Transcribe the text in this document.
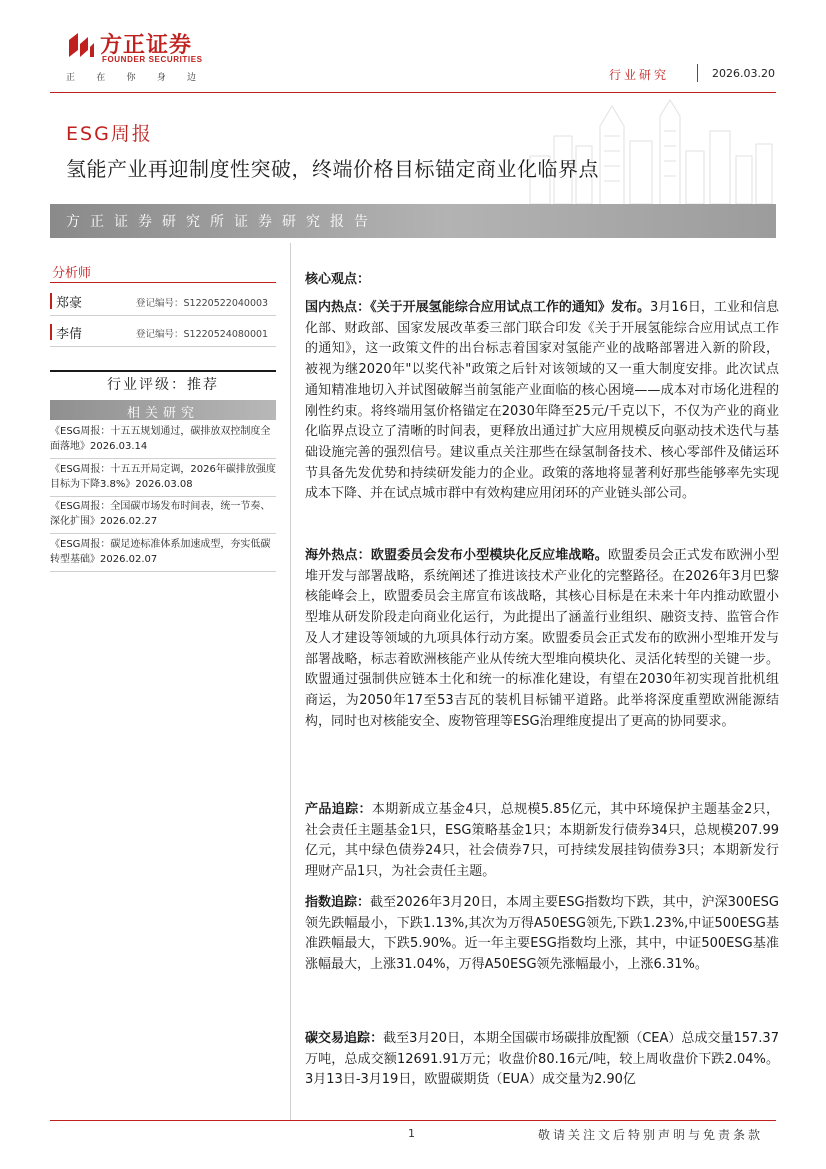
方正证券
FOUNDER SECURITIES
正 在 你 身 边	行业研究	2026.03.20
ESG周报
氢能产业再迎制度性突破，终端价格目标锚定商业化临界点
方正证券研究所证券研究报告
分析师
郑豪	登记编号：S1220522040003
李倩	登记编号：S1220524080001
行业评级：推荐
相关研究
《ESG周报：十五五规划通过，碳排放双控制度全面落地》2026.03.14
《ESG周报：十五五开局定调，2026年碳排放强度目标为下降3.8%》2026.03.08
《ESG周报：全国碳市场发布时间表，统一节奏、深化扩围》2026.02.27
《ESG周报：碳足迹标准体系加速成型，夯实低碳转型基础》2026.02.07
核心观点：
国内热点：《关于开展氢能综合应用试点工作的通知》发布。3月16日，工业和信息化部、财政部、国家发展改革委三部门联合印发《关于开展氢能综合应用试点工作的通知》，这一政策文件的出台标志着国家对氢能产业的战略部署进入新的阶段，被视为继2020年"以奖代补"政策之后针对该领域的又一重大制度安排。此次试点通知精准地切入并试图破解当前氢能产业面临的核心困境——成本对市场化进程的刚性约束。将终端用氢价格锚定在2030年降至25元/千克以下，不仅为产业的商业化临界点设立了清晰的时间表，更释放出通过扩大应用规模反向驱动技术迭代与基础设施完善的强烈信号。建议重点关注那些在绿氢制备技术、核心零部件及储运环节具备先发优势和持续研发能力的企业。政策的落地将显著利好那些能够率先实现成本下降、并在试点城市群中有效构建应用闭环的产业链头部公司。
海外热点：欧盟委员会发布小型模块化反应堆战略。欧盟委员会正式发布欧洲小型堆开发与部署战略，系统阐述了推进该技术产业化的完整路径。在2026年3月巴黎核能峰会上，欧盟委员会主席宣布该战略，其核心目标是在未来十年内推动欧盟小型堆从研发阶段走向商业化运行，为此提出了涵盖行业组织、融资支持、监管合作及人才建设等领域的九项具体行动方案。欧盟委员会正式发布的欧洲小型堆开发与部署战略，标志着欧洲核能产业从传统大型堆向模块化、灵活化转型的关键一步。欧盟通过强制供应链本土化和统一的标准化建设，有望在2030年初实现首批机组商运，为2050年17至53吉瓦的装机目标铺平道路。此举将深度重塑欧洲能源结构，同时也对核能安全、废物管理等ESG治理维度提出了更高的协同要求。
产品追踪：本期新成立基金4只，总规模5.85亿元，其中环境保护主题基金2只，社会责任主题基金1只，ESG策略基金1只；本期新发行债券34只，总规模207.99亿元，其中绿色债券24只，社会债券7只，可持续发展挂钩债券3只；本期新发行理财产品1只，为社会责任主题。
指数追踪：截至2026年3月20日，本周主要ESG指数均下跌，其中，沪深300ESG领先跌幅最小，下跌1.13%,其次为万得A50ESG领先,下跌1.23%,中证500ESG基准跌幅最大，下跌5.90%。近一年主要ESG指数均上涨，其中，中证500ESG基准涨幅最大，上涨31.04%，万得A50ESG领先涨幅最小，上涨6.31%。
碳交易追踪：截至3月20日，本期全国碳市场碳排放配额（CEA）总成交量157.37万吨，总成交额12691.91万元；收盘价80.16元/吨，较上周收盘价下跌2.04%。3月13日-3月19日，欧盟碳期货（EUA）成交量为2.90亿
1	敬请关注文后特别声明与免责条款
